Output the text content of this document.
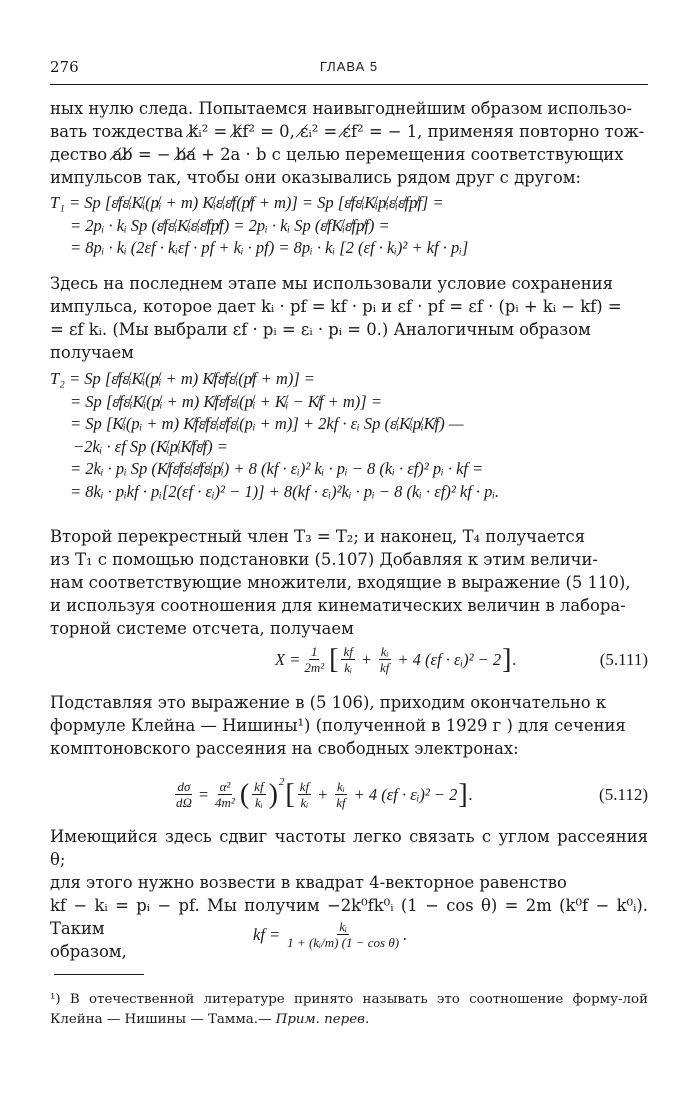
276	ГЛАВА 5
ных нулю следа. Попытаемся наивыгоднейшим образом использо-
вать тождества k̸ᵢ² = k̸f² = 0, ε̸ᵢ² = ε̸f² = − 1, применяя повторно тож-
дество a̸b̸ = − b̸a̸ + 2a · b с целью перемещения соответствующих
импульсов так, чтобы они оказывались рядом друг с другом:
T₁ = Sp [ε̸fε̸ᵢK̸ᵢ(p̸ᵢ + m) K̸ᵢε̸ᵢε̸f(p̸f + m)] = Sp [ε̸fε̸ᵢK̸ᵢp̸ᵢε̸ᵢε̸fp̸f] =
= 2pᵢ · kᵢ Sp (ε̸fε̸ᵢK̸ᵢε̸ᵢε̸fp̸f) = 2pᵢ · kᵢ Sp (ε̸fK̸ᵢε̸fp̸f) =
= 8pᵢ · kᵢ (2εf · kᵢεf · pf + kᵢ · pf) = 8pᵢ · kᵢ [2 (εf · kᵢ)² + kf · pᵢ]
Здесь на последнем этапе мы использовали условие сохранения
импульса, которое дает kᵢ · pf = kf · pᵢ и εf · pf = εf · (pᵢ + kᵢ − kf) =
= εf kᵢ. (Мы выбрали εf · pᵢ = εᵢ · pᵢ = 0.) Аналогичным образом
получаем
T₂ = Sp [ε̸fε̸ᵢK̸ᵢ(p̸ᵢ + m) K̸fε̸fε̸ᵢ(p̸f + m)] =
= Sp [ε̸fε̸ᵢK̸ᵢ(p̸ᵢ + m) K̸fε̸fε̸ᵢ(p̸ᵢ + K̸ᵢ − K̸f + m)] =
= Sp [K̸ᵢ(pᵢ + m) K̸fε̸fε̸ᵢε̸fε̸ᵢ(pᵢ + m)] + 2kf · εᵢ Sp (ε̸ᵢK̸ᵢp̸ᵢK̸f) —
−2kᵢ · εf Sp (K̸ᵢp̸ᵢK̸fε̸f) =
= 2kᵢ · pᵢ Sp (K̸fε̸fε̸ᵢε̸fε̸ᵢp̸ᵢ) + 8 (kf · εᵢ)² kᵢ · pᵢ − 8 (kᵢ · εf)² pᵢ · kf =
= 8kᵢ · pᵢkf · pᵢ[2(εf · εᵢ)² − 1)] + 8(kf · εᵢ)²kᵢ · pᵢ − 8 (kᵢ · εf)² kf · pᵢ.
Второй перекрестный член T₃ = T₂; и наконец, T₄ получается
из T₁ с помощью подстановки (5.107) Добавляя к этим величи-
нам соответствующие множители, входящие в выражение (5 110),
и используя соотношения для кинематических величин в лабора-
торной системе отсчета, получаем
$X = \frac{1}{\text{2m²}}$ [ $\frac{kf}{\text{kᵢ}} + \frac{\text{kᵢ}}{kf} + 4$ (εf · εᵢ)² − 2 ] .	(5.111)
Подставляя это выражение в (5 106), приходим окончательно к
формуле Клейна — Нишины¹) (полученной в 1929 г ) для сечения
комптоновского рассеяния на свободных электронах:
$\frac{d\sigma}{d\Omega} = \frac{\text{α²}}{\text{4m²}}$ ( $\frac{kf}{\text{kᵢ}} )^2$ [ $\frac{kf}{\text{kᵢ}} + \frac{\text{kᵢ}}{kf} + 4$ (εf · εᵢ)² − 2 ] .	(5.112)
Имеющийся здесь сдвиг частоты легко связать с углом рассеяния θ;
для этого нужно возвести в квадрат 4-векторное равенство
kf − kᵢ = pᵢ − pf. Мы получим −2k⁰fk⁰ᵢ (1 − cos θ) = 2m (k⁰f − k⁰ᵢ). Таким
образом,
kf = $\frac{\text{kᵢ}}{\text{1 + (kᵢ/m) (1 − cos θ)}}$ .
¹) В отечественной литературе принято называть это соотношение форму-лой Клейна — Нишины — Тамма.— Прим. перев.
